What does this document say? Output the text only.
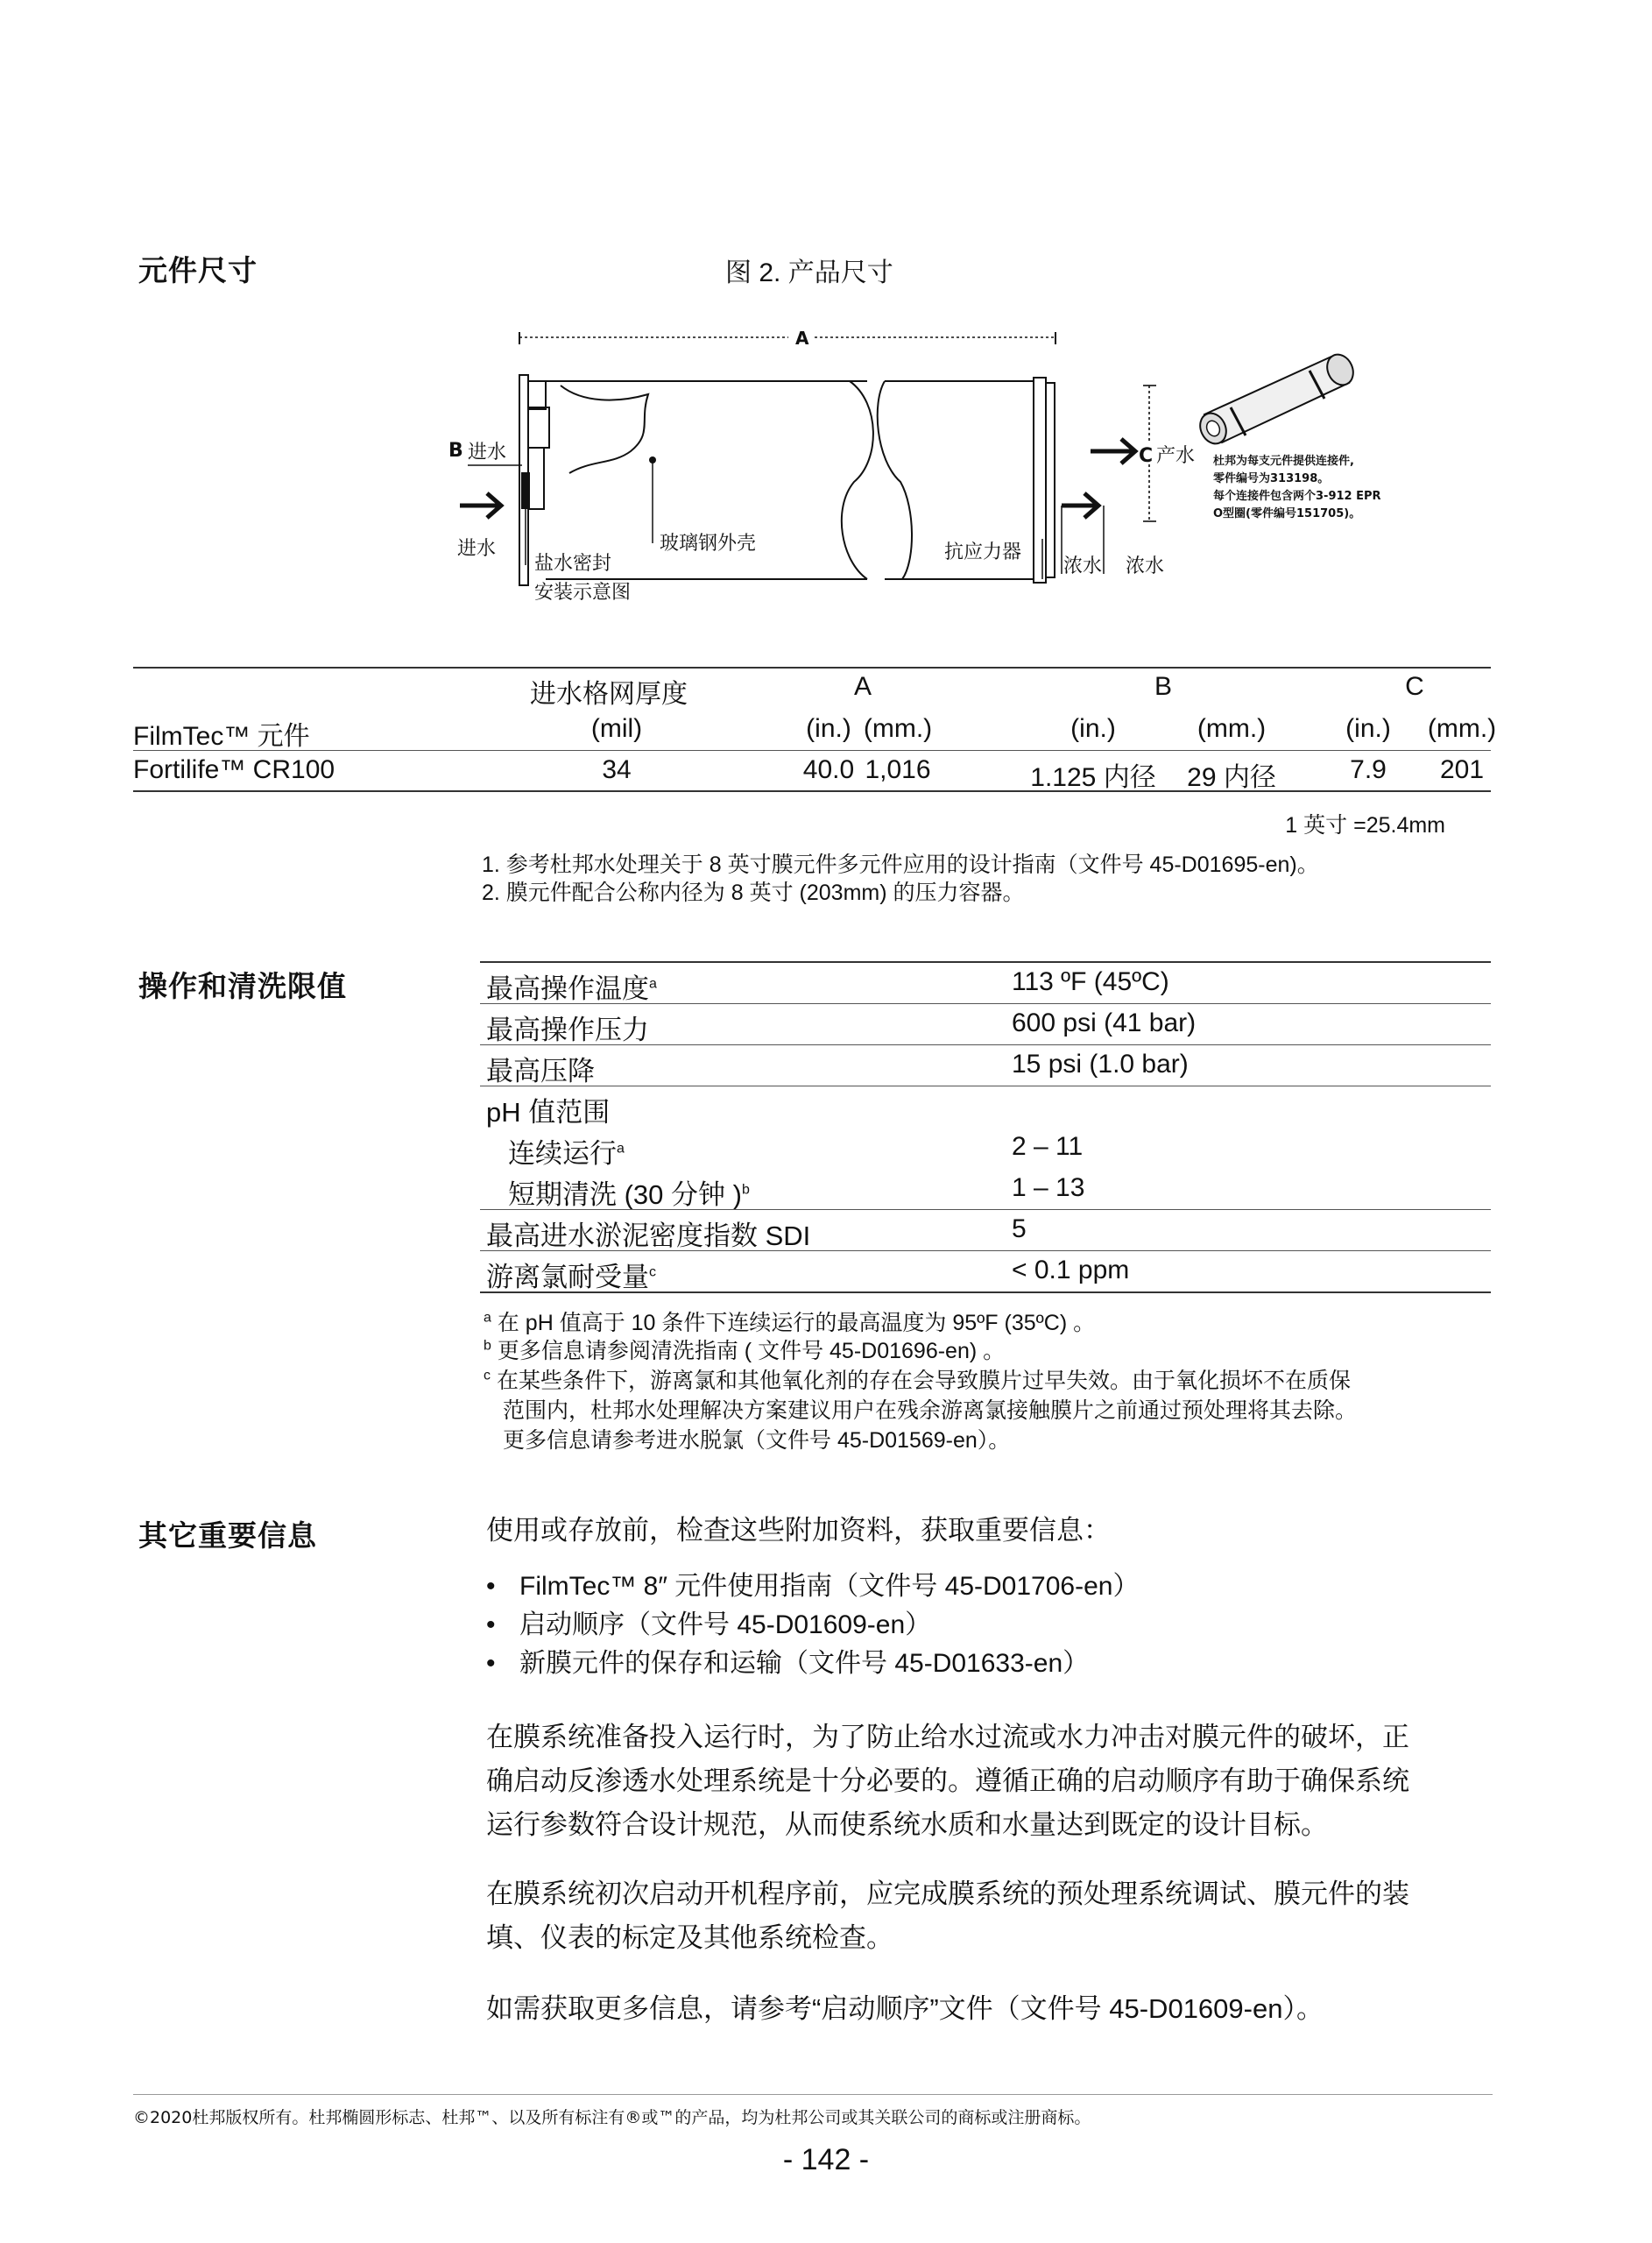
元件尺寸	图 2. 产品尺寸
A
B 进水
进水
盐水密封
安装示意图
玻璃钢外壳	抗应力器
浓水 浓水
C 产水 杜邦为每支元件提供连接件,
零件编号为313198。
每个连接件包含两个3-912 EPR
O型圈(零件编号151705)。
进水格网厚度	A	B	C
FilmTec™ 元件	(mil)	(in.) (mm.)	(in.)	(mm.)	(in.) (mm.)
Fortilife™ CR100	34	40.0 1,016	1.125 内径 29 内径	7.9 201
1 英寸 =25.4mm
1. 参考杜邦水处理关于 8 英寸膜元件多元件应用的设计指南（文件号 45-D01695-en)。
2. 膜元件配合公称内径为 8 英寸 (203mm) 的压力容器。
操作和清洗限值	最高操作温度$^a$	113 ºF (45ºC)
最高操作压力	600 psi (41 bar)
最高压降	15 psi (1.0 bar)
pH 值范围
连续运行$^a$	2 – 11
短期清洗 (30 分钟 )$^b$	1 – 13
最高进水淤泥密度指数 SDI	5
游离氯耐受量$^c$	< 0.1 ppm
$^a$ 在 pH 值高于 10 条件下连续运行的最高温度为 95ºF (35ºC) 。
$^b$ 更多信息请参阅清洗指南 ( 文件号 45-D01696-en) 。
$^c$ 在某些条件下，游离氯和其他氧化剂的存在会导致膜片过早失效。由于氧化损坏不在质保
范围内，杜邦水处理解决方案建议用户在残余游离氯接触膜片之前通过预处理将其去除。
更多信息请参考进水脱氯（文件号 45-D01569-en）。
其它重要信息	使用或存放前，检查这些附加资料，获取重要信息：
• FilmTec™ 8″ 元件使用指南（文件号 45-D01706-en）
• 启动顺序（文件号 45-D01609-en）
• 新膜元件的保存和运输（文件号 45-D01633-en）
在膜系统准备投入运行时，为了防止给水过流或水力冲击对膜元件的破坏，正
确启动反渗透水处理系统是十分必要的。遵循正确的启动顺序有助于确保系统
运行参数符合设计规范，从而使系统水质和水量达到既定的设计目标。
在膜系统初次启动开机程序前，应完成膜系统的预处理系统调试、膜元件的装
填、仪表的标定及其他系统检查。
如需获取更多信息，请参考“启动顺序”文件（文件号 45-D01609-en）。
©2020杜邦版权所有。杜邦椭圆形标志、杜邦™、以及所有标注有®或™的产品，均为杜邦公司或其关联公司的商标或注册商标。
- 142 -
